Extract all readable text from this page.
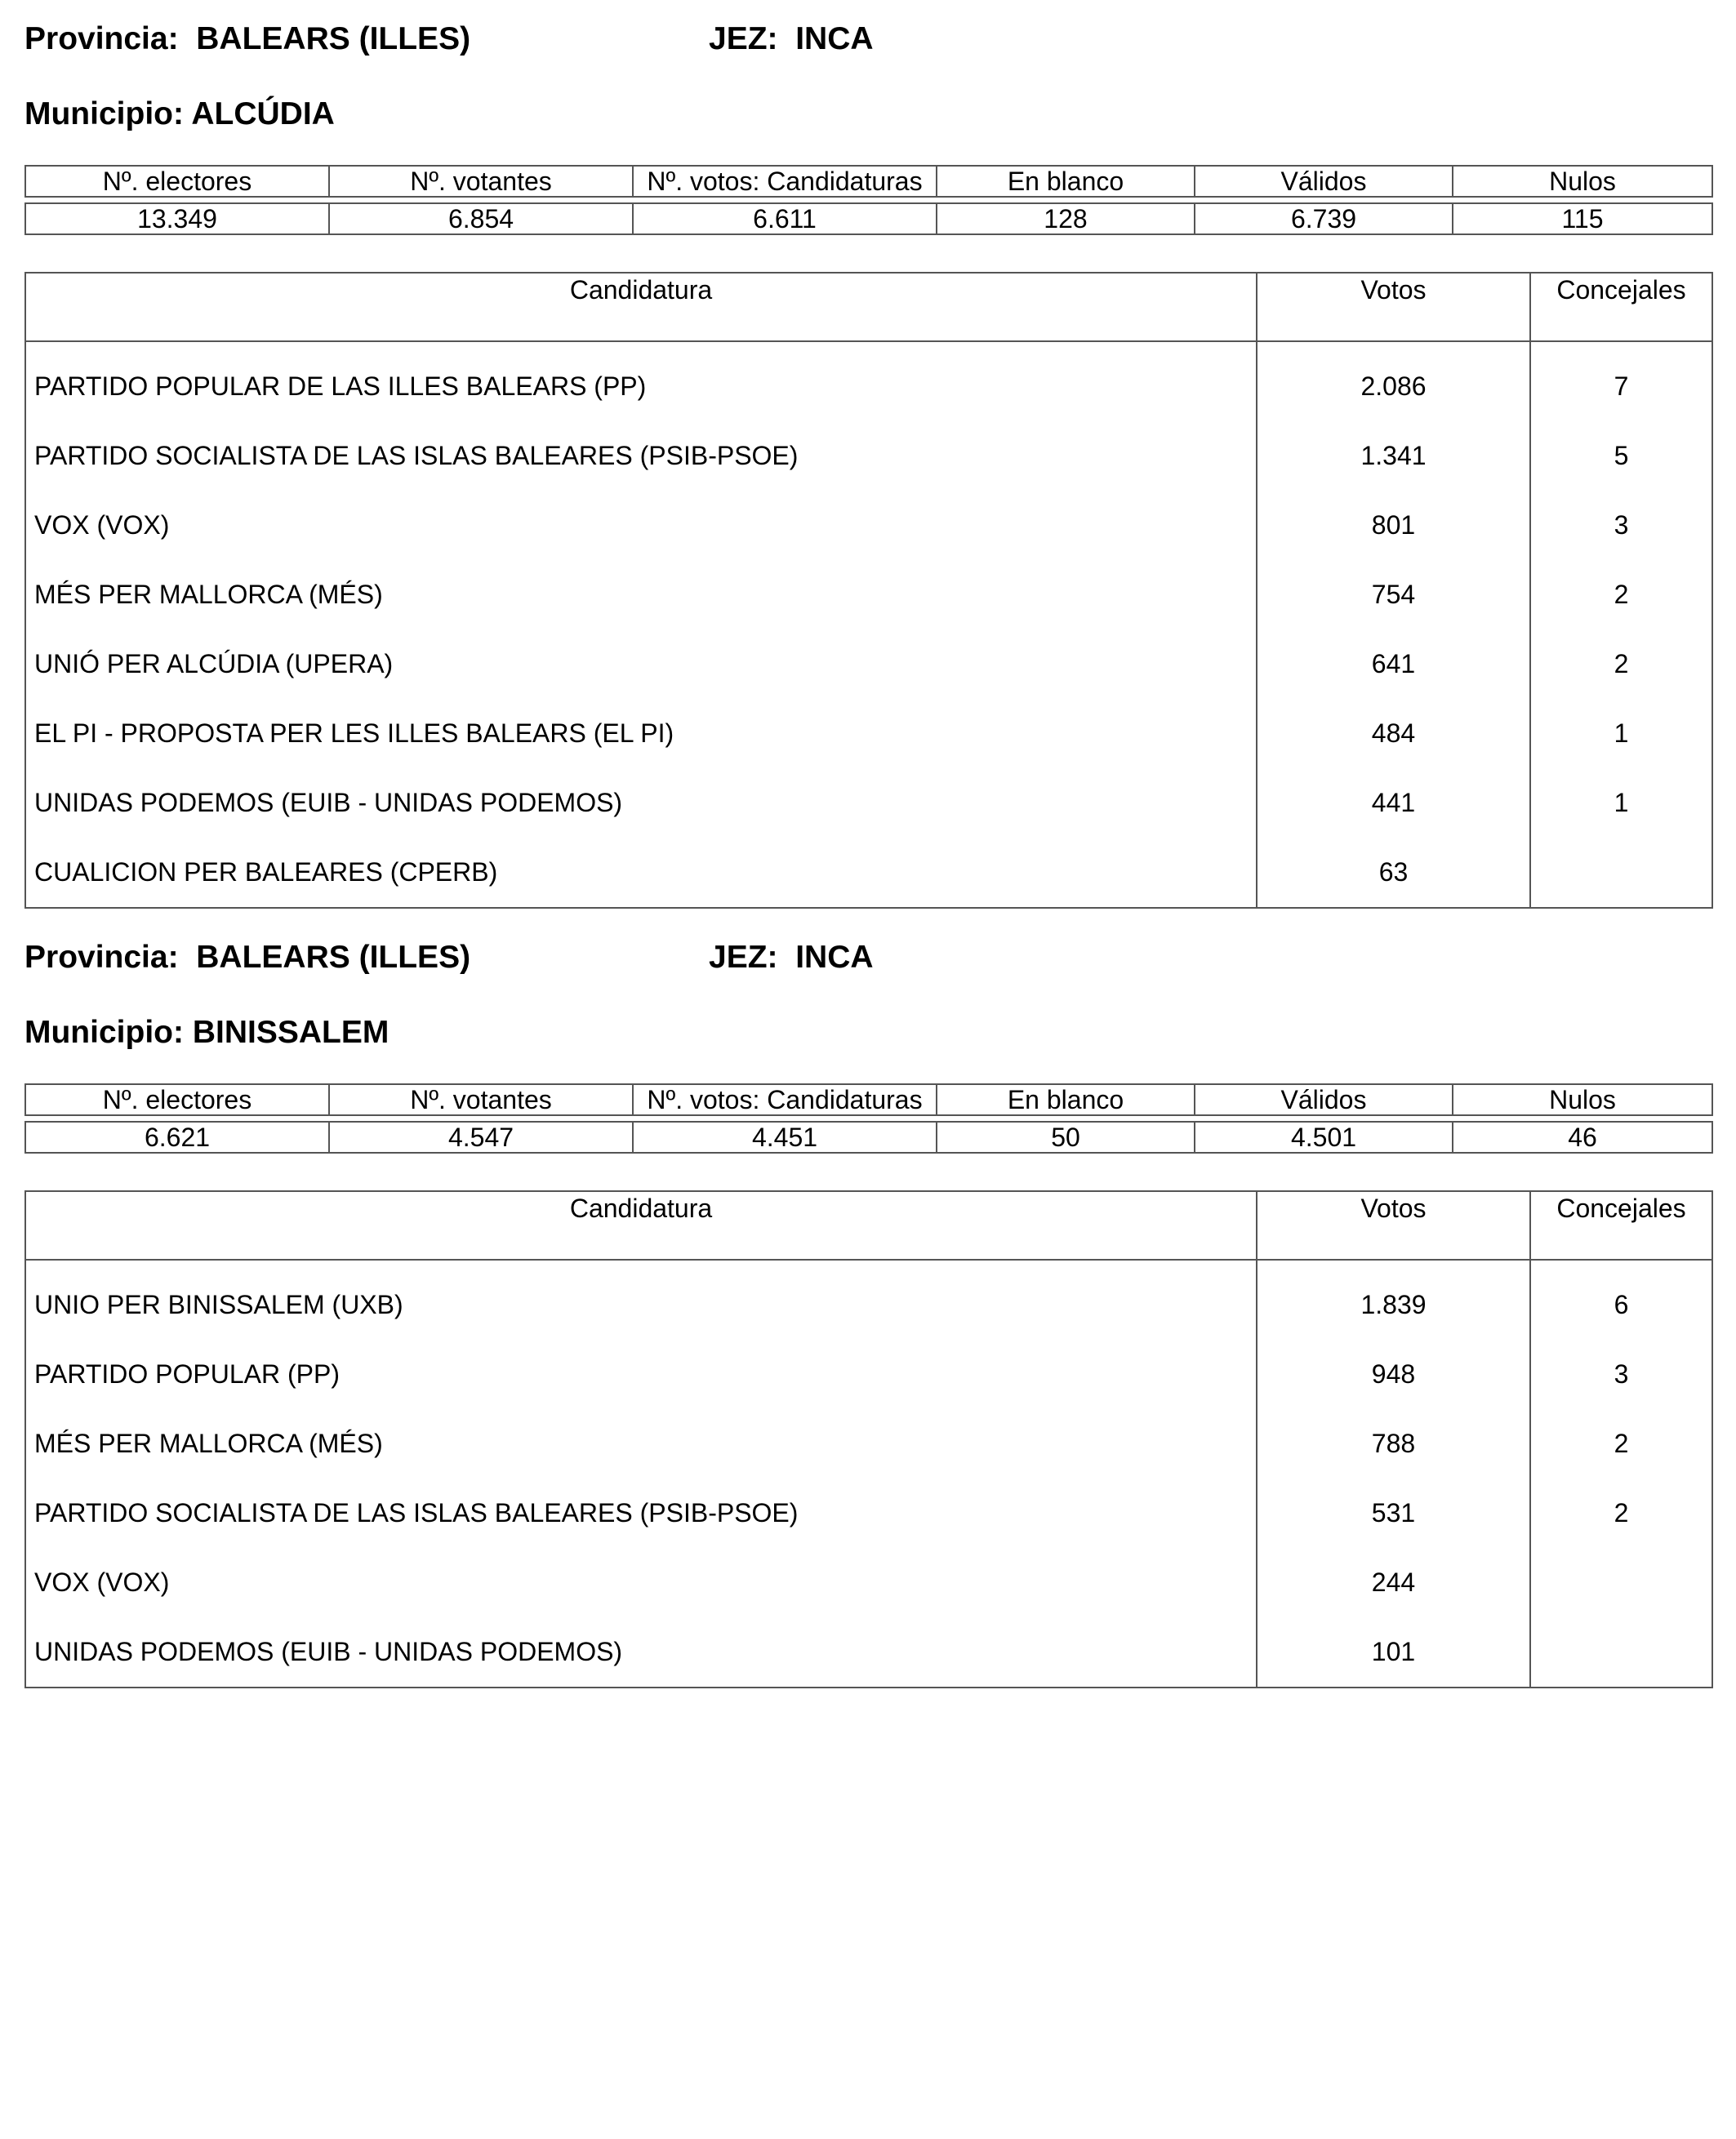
Provincia: BALEARS (ILLES)	JEZ: INCA
Municipio: ALCÚDIA
Nº. electores	Nº. votantes	Nº. votos: Candidaturas	En blanco	Válidos	Nulos

13.349	6.854	6.611	128	6.739	115
Candidatura	Votos	Concejales
PARTIDO POPULAR DE LAS ILLES BALEARS (PP)	2.086	7
PARTIDO SOCIALISTA DE LAS ISLAS BALEARES (PSIB-PSOE)	1.341	5
VOX (VOX)	801	3
MÉS PER MALLORCA (MÉS)	754	2
UNIÓ PER ALCÚDIA (UPERA)	641	2
EL PI - PROPOSTA PER LES ILLES BALEARS (EL PI)	484	1
UNIDAS PODEMOS (EUIB - UNIDAS PODEMOS)	441	1
CUALICION PER BALEARES (CPERB)	63	
Provincia: BALEARS (ILLES)	JEZ: INCA
Municipio: BINISSALEM
Nº. electores	Nº. votantes	Nº. votos: Candidaturas	En blanco	Válidos	Nulos

6.621	4.547	4.451	50	4.501	46
Candidatura	Votos	Concejales
UNIO PER BINISSALEM (UXB)	1.839	6
PARTIDO POPULAR (PP)	948	3
MÉS PER MALLORCA (MÉS)	788	2
PARTIDO SOCIALISTA DE LAS ISLAS BALEARES (PSIB-PSOE)	531	2
VOX (VOX)	244	
UNIDAS PODEMOS (EUIB - UNIDAS PODEMOS)	101	
